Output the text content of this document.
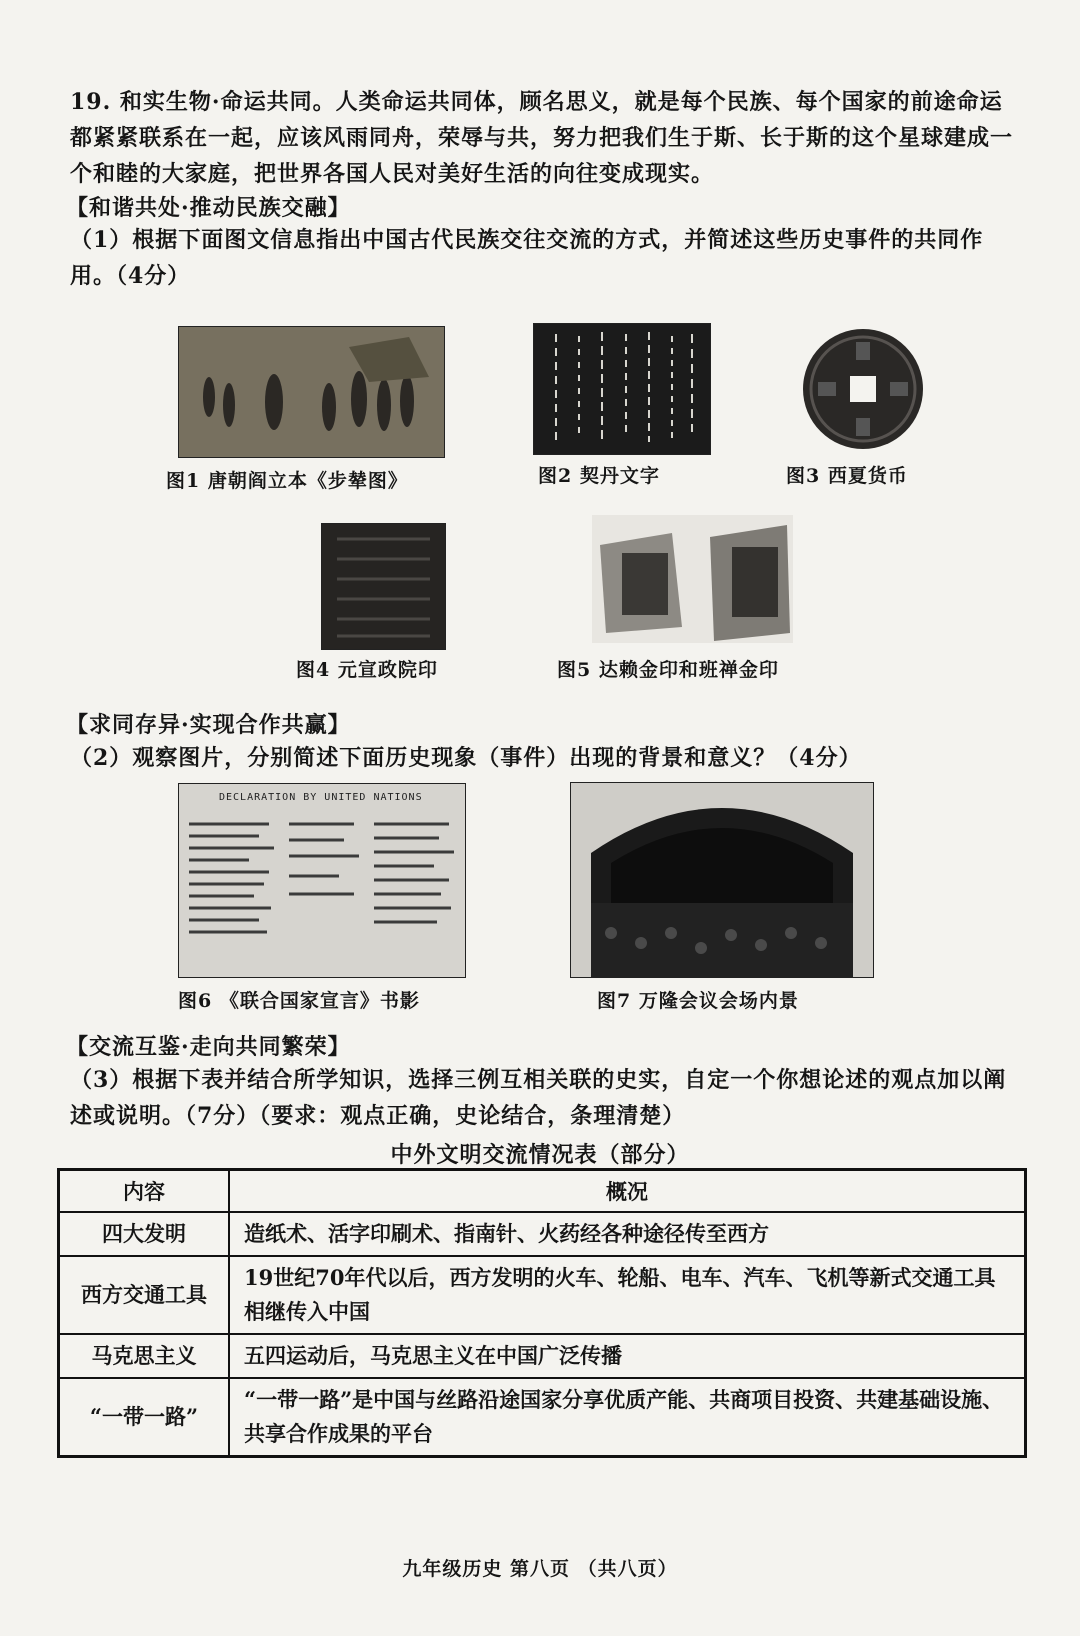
19. 和实生物·命运共同。人类命运共同体，顾名思义，就是每个民族、每个国家的前途命运都紧紧联系在一起，应该风雨同舟，荣辱与共，努力把我们生于斯、长于斯的这个星球建成一个和睦的大家庭，把世界各国人民对美好生活的向往变成现实。
【和谐共处·推动民族交融】
（1）根据下面图文信息指出中国古代民族交往交流的方式，并简述这些历史事件的共同作用。（4分）
图1 唐朝阎立本《步辇图》	图2 契丹文字	图3 西夏货币
图4 元宣政院印	图5 达赖金印和班禅金印
【求同存异·实现合作共赢】
（2）观察图片，分别简述下面历史现象（事件）出现的背景和意义？（4分）
DECLARATION BY UNITED NATIONS
图6 《联合国家宣言》书影	图7 万隆会议会场内景
【交流互鉴·走向共同繁荣】
（3）根据下表并结合所学知识，选择三例互相关联的史实，自定一个你想论述的观点加以阐述或说明。（7分）（要求：观点正确，史论结合，条理清楚）
中外文明交流情况表（部分）
内容	概况
四大发明	造纸术、活字印刷术、指南针、火药经各种途径传至西方
西方交通工具	19世纪70年代以后，西方发明的火车、轮船、电车、汽车、飞机等新式交通工具相继传入中国
马克思主义	五四运动后，马克思主义在中国广泛传播
“一带一路”	“一带一路”是中国与丝路沿途国家分享优质产能、共商项目投资、共建基础设施、共享合作成果的平台
九年级历史 第八页 （共八页）
